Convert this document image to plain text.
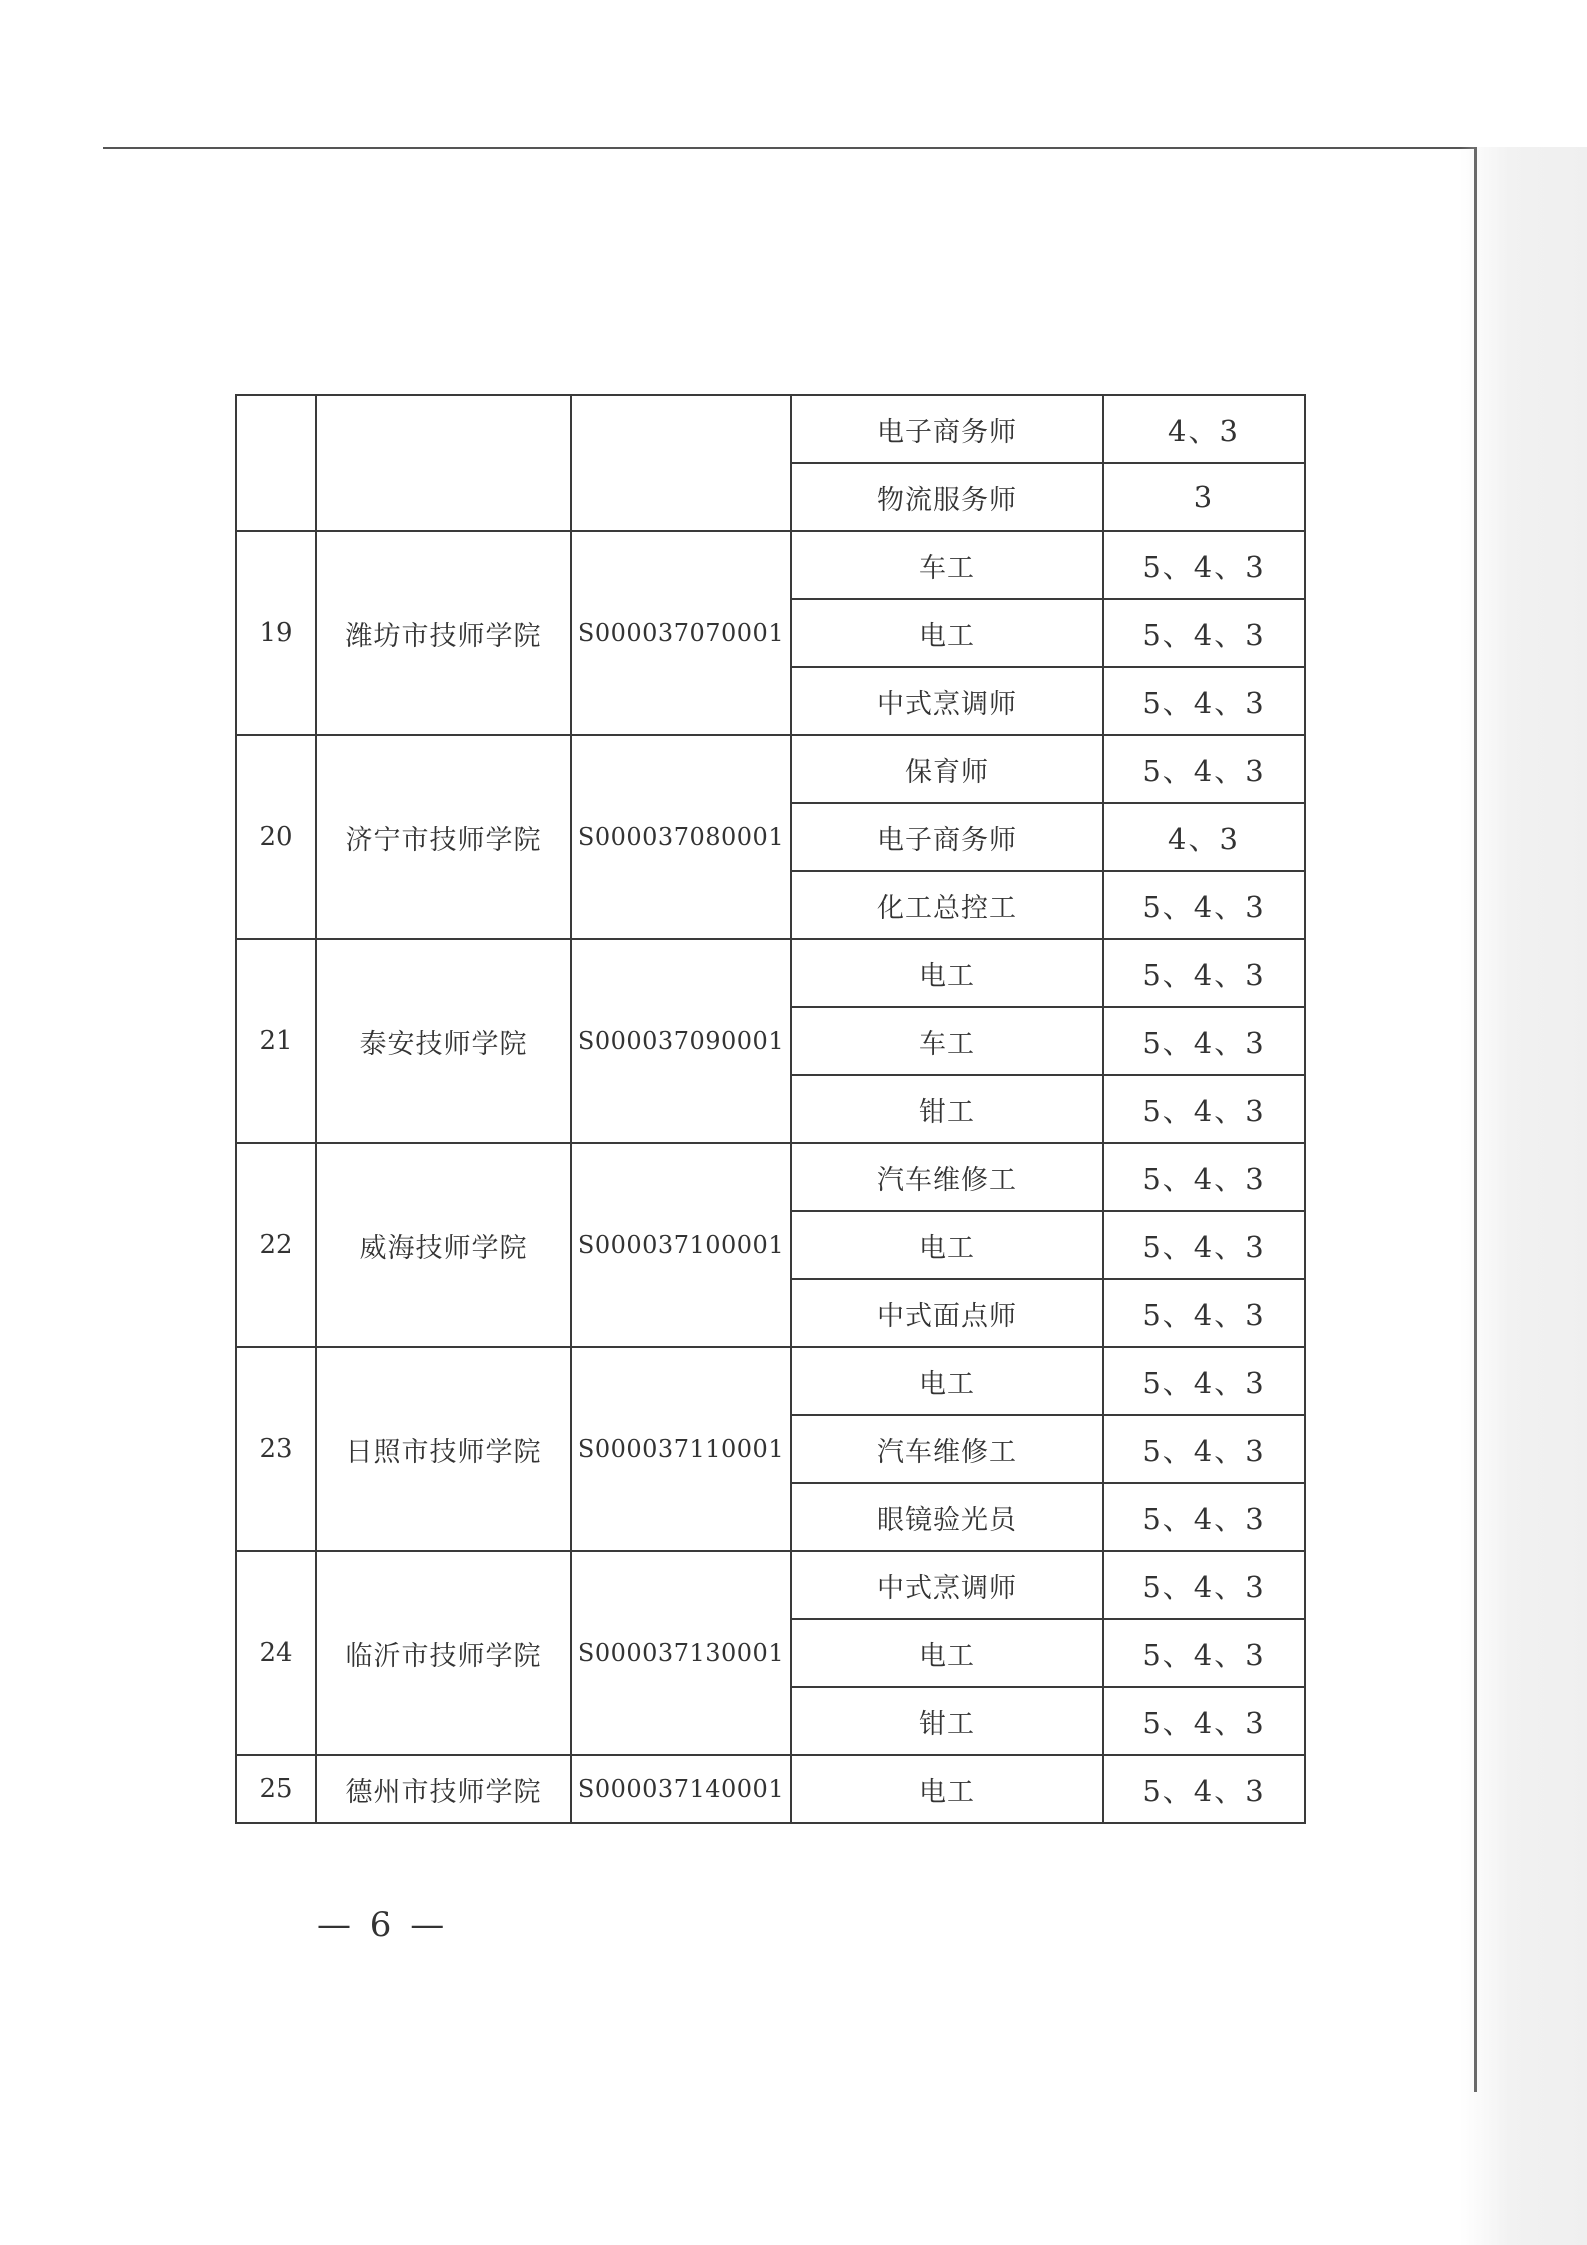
			电子商务师	4、3
			物流服务师	3
19	潍坊市技师学院	S000037070001	车工	5、4、3
			电工	5、4、3
			中式烹调师	5、4、3
20	济宁市技师学院	S000037080001	保育师	5、4、3
			电子商务师	4、3
			化工总控工	5、4、3
21	泰安技师学院	S000037090001	电工	5、4、3
			车工	5、4、3
			钳工	5、4、3
22	威海技师学院	S000037100001	汽车维修工	5、4、3
			电工	5、4、3
			中式面点师	5、4、3
23	日照市技师学院	S000037110001	电工	5、4、3
			汽车维修工	5、4、3
			眼镜验光员	5、4、3
24	临沂市技师学院	S000037130001	中式烹调师	5、4、3
			电工	5、4、3
			钳工	5、4、3
25	德州市技师学院	S000037140001	电工	5、4、3
— 6 —
